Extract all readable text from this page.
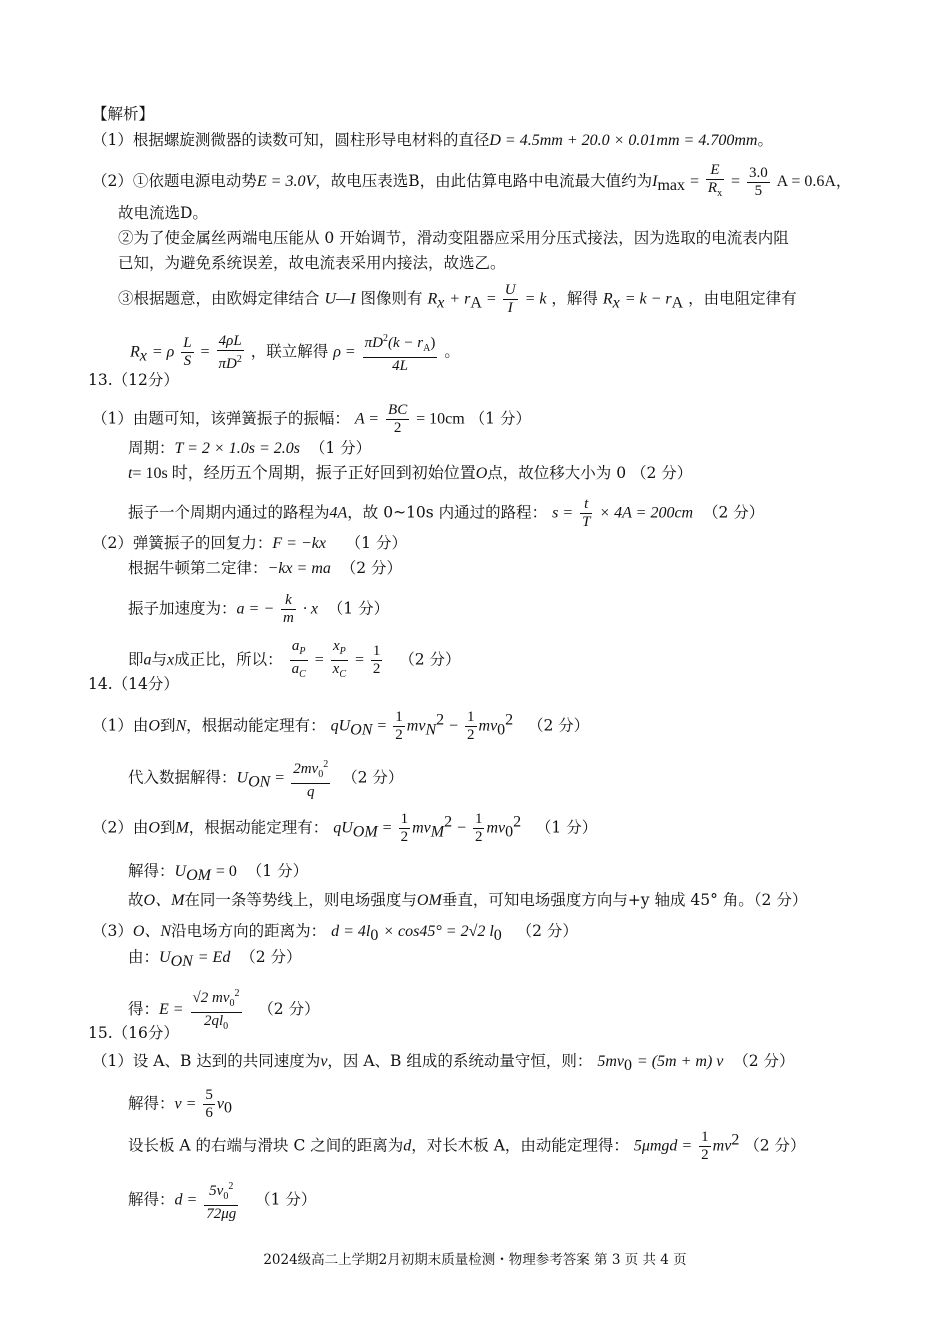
【解析】
（1）根据螺旋测微器的读数可知，圆柱形导电材料的直径D = 4.5mm + 20.0 × 0.01mm = 4.700mm。
（2）①依题电源电动势E = 3.0V，故电压表选B，由此估算电路中电流最大值约为$I_{max} = \frac{E}{R_x} = \frac{3.0}{5}$ A = 0.6A，
故电流选D。
②为了使金属丝两端电压能从 0 开始调节，滑动变阻器应采用分压式接法，因为选取的电流表内阻
已知，为避免系统误差，故电流表采用内接法，故选乙。
③根据题意，由欧姆定律结合 U—I 图像则有 $R_x + r_A = \frac{U}{I} = k$ ，解得 $R_x = k - r_A$ ，由电阻定律有
$R_x = \rho \frac{L}{S} = \frac{4\rho L}{\pi D^2}$ ，联立解得 $\rho = \frac{\pi D^2(k - r_A)}{4L}$ 。
13.（12分）
（1）由题可知，该弹簧振子的振幅： $A = \frac{BC}{2} = 10cm$ （1 分）
周期：T = 2 × 1.0s = 2.0s （1 分）
t= 10s 时，经历五个周期，振子正好回到初始位置O点，故位移大小为 0 （2 分）
振子一个周期内通过的路程为4A，故 0~10s 内通过的路程： $s = \frac{t}{T} \times 4A = 200cm$ （2 分）
（2）弹簧振子的回复力：F = −kx （1 分）
根据牛顿第二定律：−kx = ma （2 分）
振子加速度为：a = − $\frac{k}{m} \cdot x$ （1 分）
即a与x成正比，所以： $\frac{a_P}{a_C} = \frac{x_P}{x_C} = \frac{1}{2} (2$ 分）
14.（14分）
（1）由O到N，根据动能定理有： $qU_{ON} = \frac{1}{2} mv_N^2 - \frac{1}{2} mv_0^2$ （2 分）
代入数据解得：$U_{ON} = \frac{2mv_0^2}{q} (2$ 分）
（2）由O到M，根据动能定理有： $qU_{OM} = \frac{1}{2} mv_M^2 - \frac{1}{2} mv_0^2$ （1 分）
解得：$U_{OM} = 0$ （1 分）
故O、M在同一条等势线上，则电场强度与OM垂直，可知电场强度方向与+y 轴成 45° 角。（2 分）
（3）O、N沿电场方向的距离为： $d = 4l_0 \times \cos 45^\circ = 2√2$ $l_0$ （2 分）
由：$U_{ON} = Ed$ （2 分）
得：$E = \frac{√2 mv_0^2}{2ql_0} (2$ 分）
15.（16分）
（1）设 A、B 达到的共同速度为v，因 A、B 组成的系统动量守恒，则： $5mv_0 = (5m + m)$ v （2 分）
解得：$v = \frac{5}{6} v_0$
设长板 A 的右端与滑块 C 之间的距离为d，对长木板 A，由动能定理得： $5\mu mgd = \frac{1}{2} mv^2$ （2 分）
解得：$d = \frac{5v_0^2}{72\mu g} (1$ 分）
2024级高二上学期2月初期末质量检测・物理参考答案 第 3 页 共 4 页
